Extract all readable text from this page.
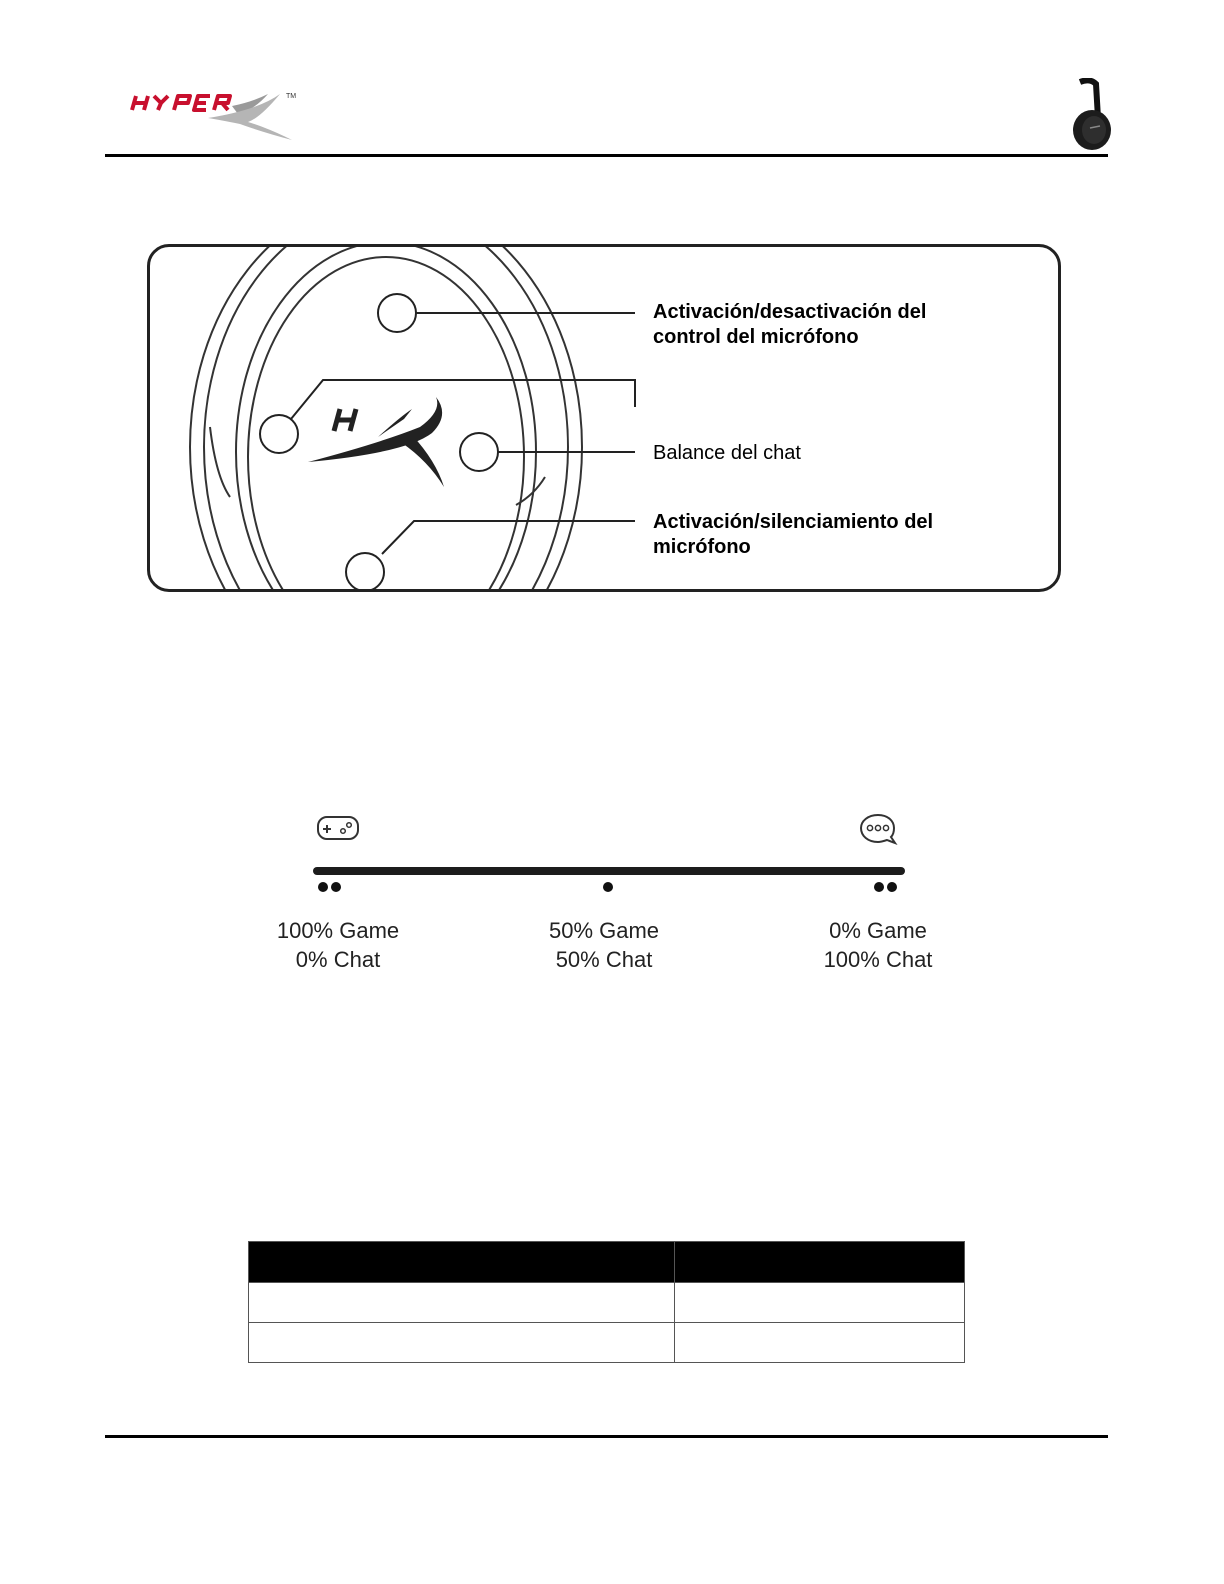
TM
Activación/desactivación del
control del micrófono
Balance del chat
Activación/silenciamiento del
micrófono
100% Game
0% Chat
50% Game
50% Chat
0% Game
100% Chat
